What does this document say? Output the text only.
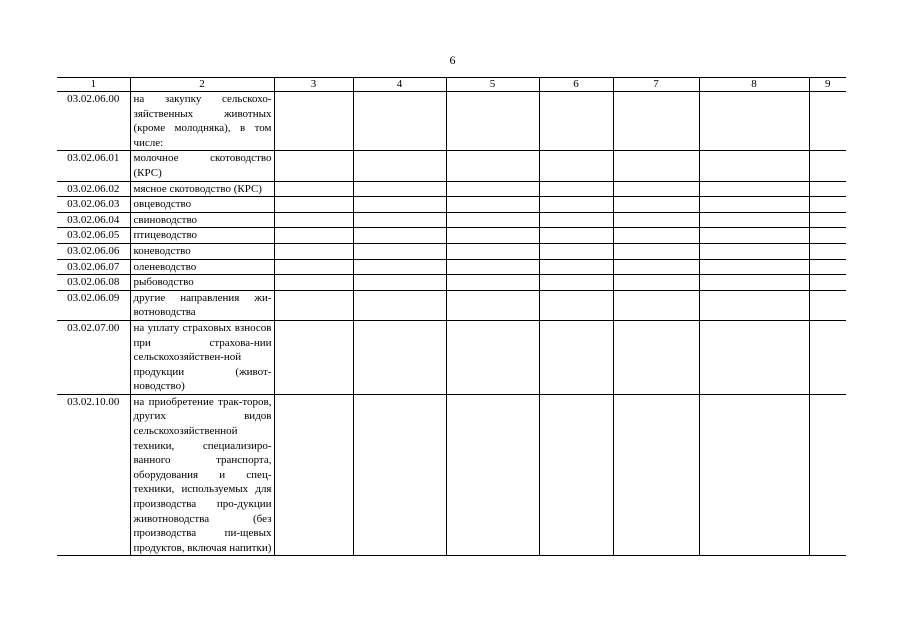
6
1	2	3	4	5	6	7	8	9
03.02.06.00	на закупку сельскохо-зяйственных животных (кроме молодняка), в том числе:							
03.02.06.01	молочное скотоводство (КРС)							
03.02.06.02	мясное скотоводство (КРС)							
03.02.06.03	овцеводство							
03.02.06.04	свиноводство							
03.02.06.05	птицеводство							
03.02.06.06	коневодство							
03.02.06.07	оленеводство							
03.02.06.08	рыбоводство							
03.02.06.09	другие направления жи-вотноводства							
03.02.07.00	на уплату страховых взносов при страхова-нии сельскохозяйствен-ной продукции (живот-новодство)							
03.02.10.00	на приобретение трак-торов, других видов сельскохозяйственной техники, специализиро-ванного транспорта, оборудования и спец-техники, используемых для производства про-дукции животноводства (без производства пи-щевых продуктов, включая напитки)							
